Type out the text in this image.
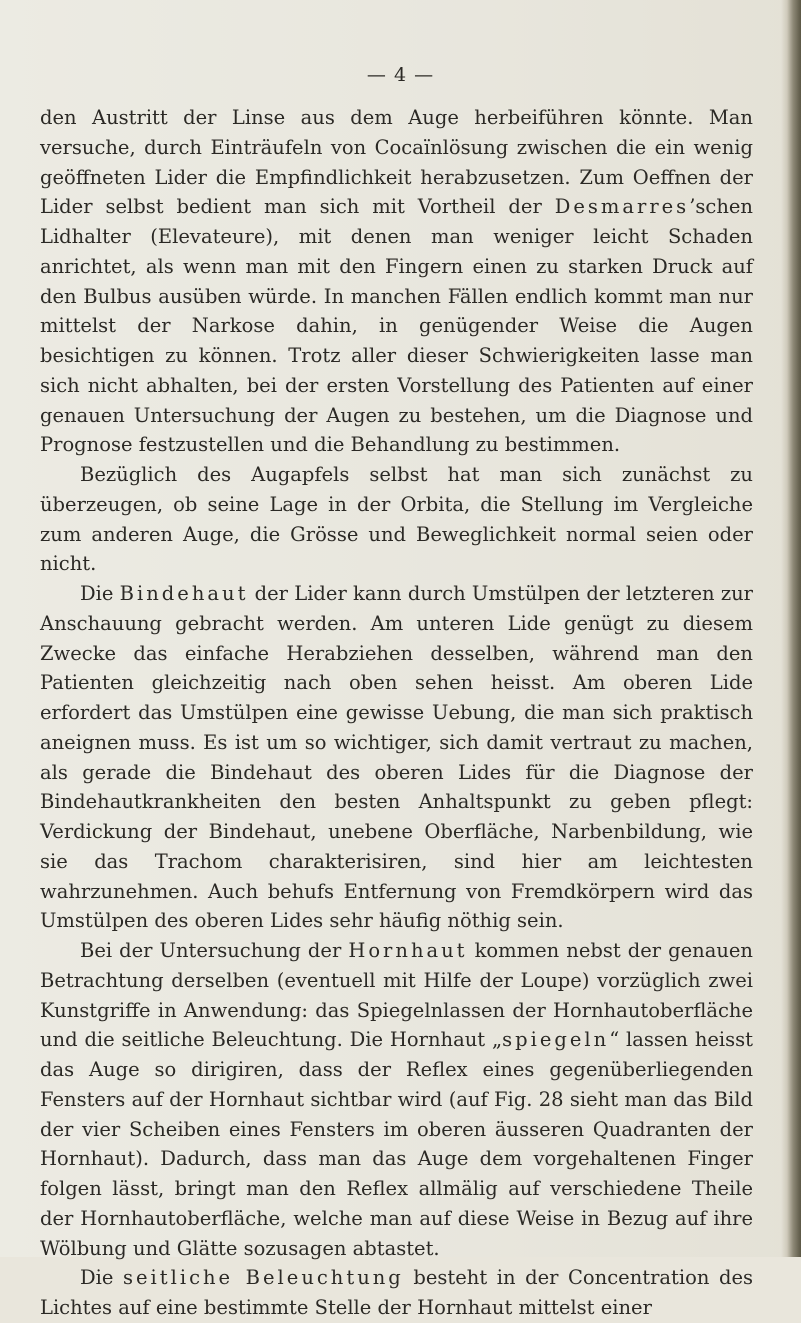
— 4 —

den Austritt der Linse aus dem Auge herbeiführen könnte. Man versuche, durch Einträufeln von Cocaïnlösung zwischen die ein wenig geöffneten Lider die Empfindlichkeit herabzusetzen. Zum Oeffnen der Lider selbst bedient man sich mit Vortheil der Desmarres’schen Lidhalter (Elevateure), mit denen man weniger leicht Schaden anrichtet, als wenn man mit den Fingern einen zu starken Druck auf den Bulbus ausüben würde. In manchen Fällen endlich kommt man nur mittelst der Narkose dahin, in genügender Weise die Augen besichtigen zu können. Trotz aller dieser Schwierigkeiten lasse man sich nicht abhalten, bei der ersten Vorstellung des Patienten auf einer genauen Untersuchung der Augen zu bestehen, um die Diagnose und Prognose festzustellen und die Behandlung zu bestimmen.

Bezüglich des Augapfels selbst hat man sich zunächst zu überzeugen, ob seine Lage in der Orbita, die Stellung im Vergleiche zum anderen Auge, die Grösse und Beweglichkeit normal seien oder nicht.

Die Bindehaut der Lider kann durch Umstülpen der letzteren zur Anschauung gebracht werden. Am unteren Lide genügt zu diesem Zwecke das einfache Herabziehen desselben, während man den Patienten gleichzeitig nach oben sehen heisst. Am oberen Lide erfordert das Umstülpen eine gewisse Uebung, die man sich praktisch aneignen muss. Es ist um so wichtiger, sich damit vertraut zu machen, als gerade die Bindehaut des oberen Lides für die Diagnose der Bindehautkrankheiten den besten Anhaltspunkt zu geben pflegt: Verdickung der Bindehaut, unebene Oberfläche, Narbenbildung, wie sie das Trachom charakterisiren, sind hier am leichtesten wahrzunehmen. Auch behufs Entfernung von Fremdkörpern wird das Umstülpen des oberen Lides sehr häufig nöthig sein.

Bei der Untersuchung der Hornhaut kommen nebst der genauen Betrachtung derselben (eventuell mit Hilfe der Loupe) vorzüglich zwei Kunstgriffe in Anwendung: das Spiegelnlassen der Hornhautoberfläche und die seitliche Beleuchtung. Die Hornhaut „spiegeln“ lassen heisst das Auge so dirigiren, dass der Reflex eines gegenüberliegenden Fensters auf der Hornhaut sichtbar wird (auf Fig. 28 sieht man das Bild der vier Scheiben eines Fensters im oberen äusseren Quadranten der Hornhaut). Dadurch, dass man das Auge dem vorgehaltenen Finger folgen lässt, bringt man den Reflex allmälig auf verschiedene Theile der Hornhautoberfläche, welche man auf diese Weise in Bezug auf ihre Wölbung und Glätte sozusagen abtastet.

Die seitliche Beleuchtung besteht in der Concentration des Lichtes auf eine bestimmte Stelle der Hornhaut mittelst einer
